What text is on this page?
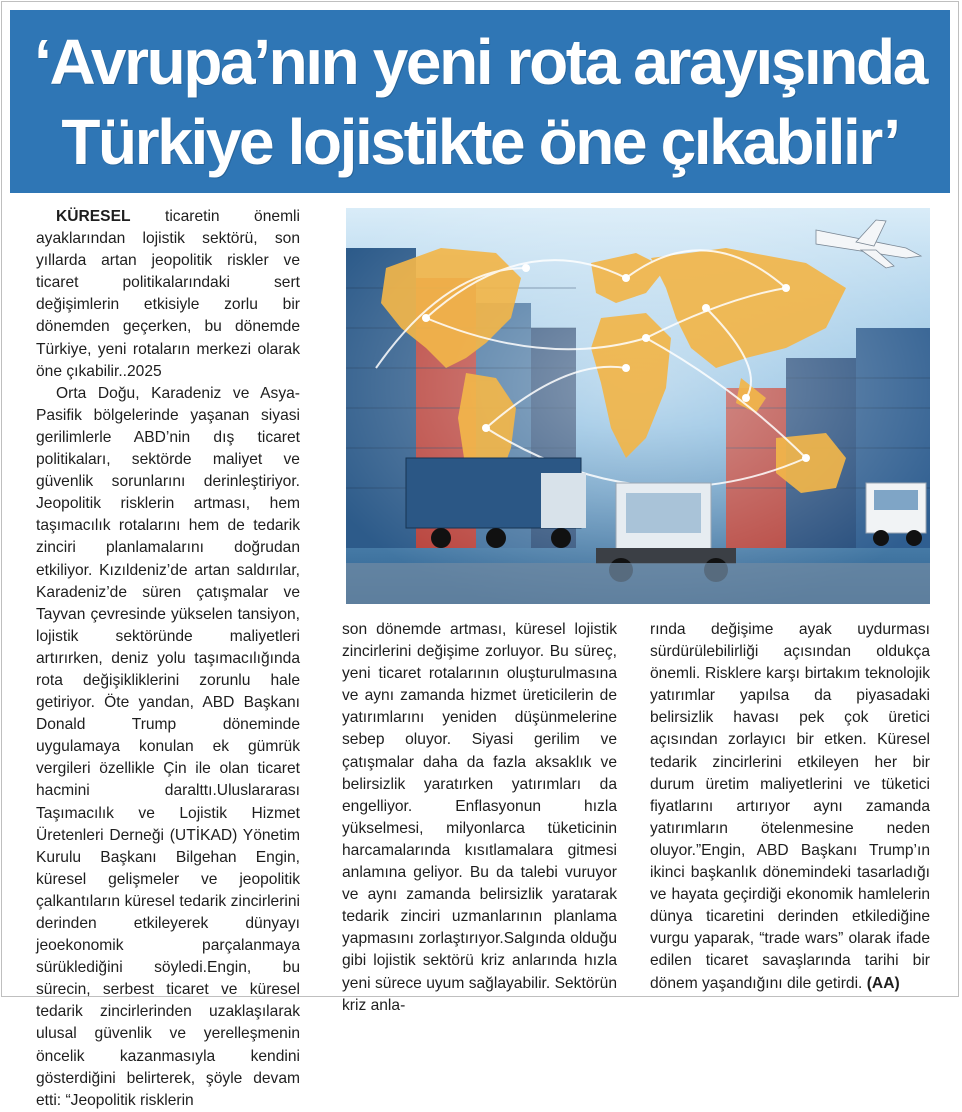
‘Avrupa’nın yeni rota arayışında
Türkiye lojistikte öne çıkabilir’

KÜRESEL ticaretin önemli ayaklarından lojistik sektörü, son yıllarda artan jeopolitik riskler ve ticaret politikalarındaki sert değişimlerin etkisiyle zorlu bir dönemden geçerken, bu dönemde Türkiye, yeni rotaların merkezi olarak öne çıkabilir..2025

Orta Doğu, Karadeniz ve Asya-Pasifik bölgelerinde yaşanan siyasi gerilimlerle ABD’nin dış ticaret politikaları, sektörde maliyet ve güvenlik sorunlarını derinleştiriyor. Jeopolitik risklerin artması, hem taşımacılık rotalarını hem de tedarik zinciri planlamalarını doğrudan etkiliyor. Kızıldeniz’de artan saldırılar, Karadeniz’de süren çatışmalar ve Tayvan çevresinde yükselen tansiyon, lojistik sektöründe maliyetleri artırırken, deniz yolu taşımacılığında rota değişikliklerini zorunlu hale getiriyor. Öte yandan, ABD Başkanı Donald Trump döneminde uygulamaya konulan ek gümrük vergileri özellikle Çin ile olan ticaret hacmini daralttı.Uluslararası Taşımacılık ve Lojistik Hizmet Üretenleri Derneği (UTİKAD) Yönetim Kurulu Başkanı Bilgehan Engin, küresel gelişmeler ve jeopolitik çalkantıların küresel tedarik zincirlerini derinden etkileyerek dünyayı jeoekonomik parçalanmaya sürüklediğini söyledi.Engin, bu sürecin, serbest ticaret ve küresel tedarik zincirlerinden uzaklaşılarak ulusal güvenlik ve yerelleşmenin öncelik kazanmasıyla kendini gösterdiğini belirterek, şöyle devam etti: “Jeopolitik risklerin

son dönemde artması, küresel lojistik zincirlerini değişime zorluyor. Bu süreç, yeni ticaret rotalarının oluşturulmasına ve aynı zamanda hizmet üreticilerin de yatırımlarını yeniden düşünmelerine sebep oluyor. Siyasi gerilim ve çatışmalar daha da fazla aksaklık ve belirsizlik yaratırken yatırımları da engelliyor. Enflasyonun hızla yükselmesi, milyonlarca tüketicinin harcamalarında kısıtlamalara gitmesi anlamına geliyor. Bu da talebi vuruyor ve aynı zamanda belirsizlik yaratarak tedarik zinciri uzmanlarının planlama yapmasını zorlaştırıyor.Salgında olduğu gibi lojistik sektörü kriz anlarında hızla yeni sürece uyum sağlayabilir. Sektörün kriz anla-

rında değişime ayak uydurması sürdürülebilirliği açısından oldukça önemli. Risklere karşı birtakım teknolojik yatırımlar yapılsa da piyasadaki belirsizlik havası pek çok üretici açısından zorlayıcı bir etken. Küresel tedarik zincirlerini etkileyen her bir durum üretim maliyetlerini ve tüketici fiyatlarını artırıyor aynı zamanda yatırımların ötelenmesine neden oluyor.”Engin, ABD Başkanı Trump’ın ikinci başkanlık dönemindeki tasarladığı ve hayata geçirdiği ekonomik hamlelerin dünya ticaretini derinden etkilediğine vurgu yaparak, “trade wars” olarak ifade edilen ticaret savaşlarında tarihi bir dönem yaşandığını dile getirdi. (AA)
